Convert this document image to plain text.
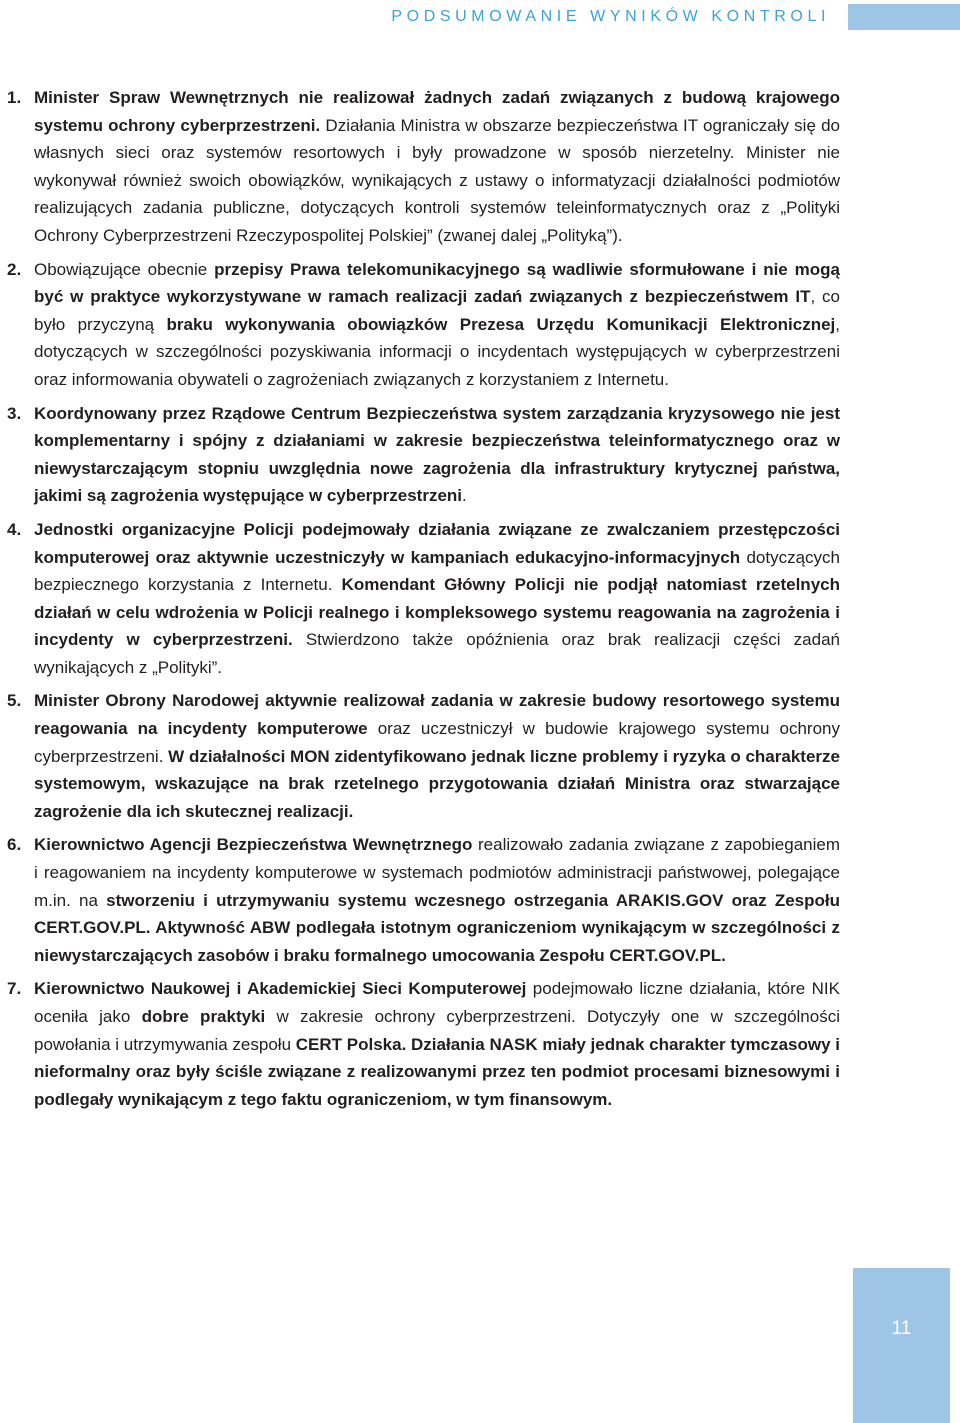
PODSUMOWANIE WYNIKÓW KONTROLI
1. Minister Spraw Wewnętrznych nie realizował żadnych zadań związanych z budową krajowego systemu ochrony cyberprzestrzeni. Działania Ministra w obszarze bezpieczeństwa IT ograniczały się do własnych sieci oraz systemów resortowych i były prowadzone w sposób nierzetelny. Minister nie wykonywał również swoich obowiązków, wynikających z ustawy o informatyzacji działalności podmiotów realizujących zadania publiczne, dotyczących kontroli systemów teleinformatycznych oraz z „Polityki Ochrony Cyberprzestrzeni Rzeczypospolitej Polskiej” (zwanej dalej „Polityką”).
2. Obowiązujące obecnie przepisy Prawa telekomunikacyjnego są wadliwie sformułowane i nie mogą być w praktyce wykorzystywane w ramach realizacji zadań związanych z bezpieczeństwem IT, co było przyczyną braku wykonywania obowiązków Prezesa Urzędu Komunikacji Elektronicznej, dotyczących w szczególności pozyskiwania informacji o incydentach występujących w cyberprzestrzeni oraz informowania obywateli o zagrożeniach związanych z korzystaniem z Internetu.
3. Koordynowany przez Rządowe Centrum Bezpieczeństwa system zarządzania kryzysowego nie jest komplementarny i spójny z działaniami w zakresie bezpieczeństwa teleinformatycznego oraz w niewystarczającym stopniu uwzględnia nowe zagrożenia dla infrastruktury krytycznej państwa, jakimi są zagrożenia występujące w cyberprzestrzeni.
4. Jednostki organizacyjne Policji podejmowały działania związane ze zwalczaniem przestępczości komputerowej oraz aktywnie uczestniczyły w kampaniach edukacyjno-informacyjnych dotyczących bezpiecznego korzystania z Internetu. Komendant Główny Policji nie podjął natomiast rzetelnych działań w celu wdrożenia w Policji realnego i kompleksowego systemu reagowania na zagrożenia i incydenty w cyberprzestrzeni. Stwierdzono także opóźnienia oraz brak realizacji części zadań wynikających z „Polityki”.
5. Minister Obrony Narodowej aktywnie realizował zadania w zakresie budowy resortowego systemu reagowania na incydenty komputerowe oraz uczestniczył w budowie krajowego systemu ochrony cyberprzestrzeni. W działalności MON zidentyfikowano jednak liczne problemy i ryzyka o charakterze systemowym, wskazujące na brak rzetelnego przygotowania działań Ministra oraz stwarzające zagrożenie dla ich skutecznej realizacji.
6. Kierownictwo Agencji Bezpieczeństwa Wewnętrznego realizowało zadania związane z zapobieganiem i reagowaniem na incydenty komputerowe w systemach podmiotów administracji państwowej, polegające m.in. na stworzeniu i utrzymywaniu systemu wczesnego ostrzegania ARAKIS.GOV oraz Zespołu CERT.GOV.PL. Aktywność ABW podlegała istotnym ograniczeniom wynikającym w szczególności z niewystarczających zasobów i braku formalnego umocowania Zespołu CERT.GOV.PL.
7. Kierownictwo Naukowej i Akademickiej Sieci Komputerowej podejmowało liczne działania, które NIK oceniła jako dobre praktyki w zakresie ochrony cyberprzestrzeni. Dotyczyły one w szczególności powołania i utrzymywania zespołu CERT Polska. Działania NASK miały jednak charakter tymczasowy i nieformalny oraz były ściśle związane z realizowanymi przez ten podmiot procesami biznesowymi i podlegały wynikającym z tego faktu ograniczeniom, w tym finansowym.
11
